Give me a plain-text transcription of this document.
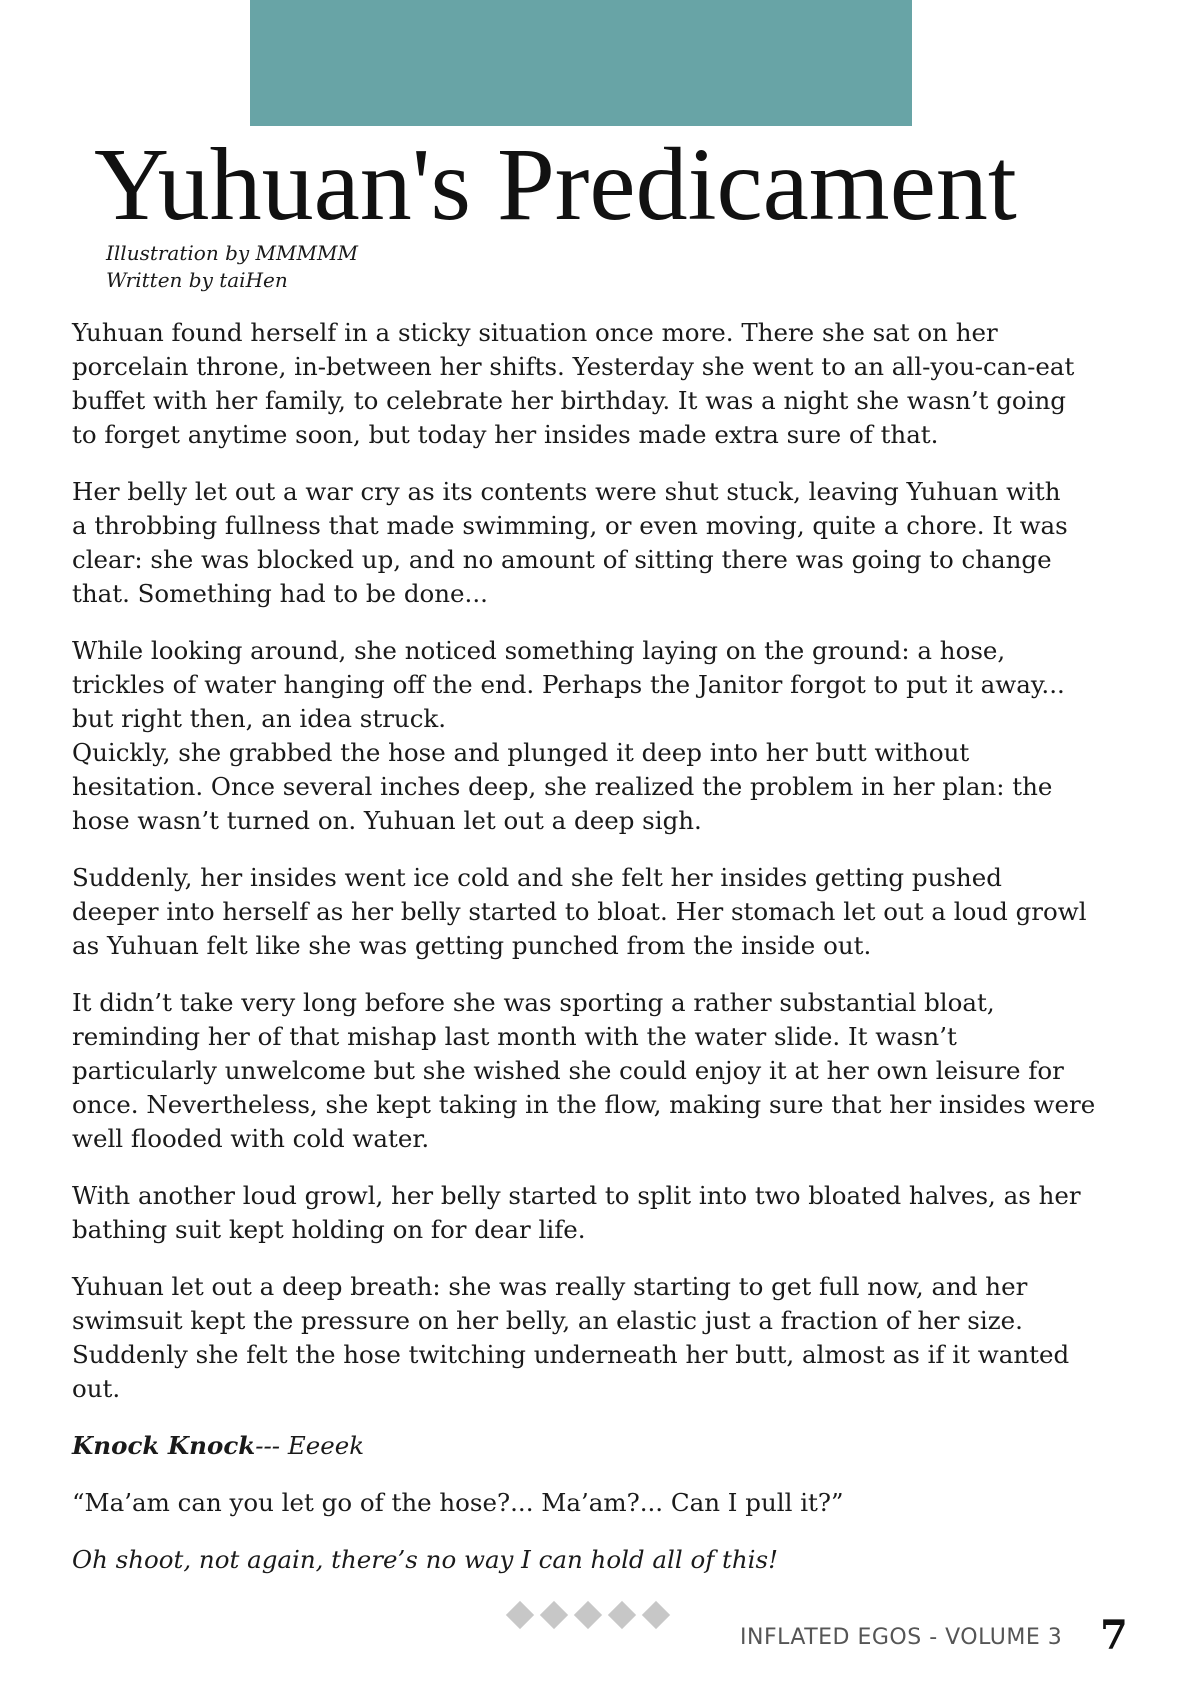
Yuhuan's Predicament
Illustration by MMMMM
Written by taiHen

Yuhuan found herself in a sticky situation once more. There she sat on her
porcelain throne, in-between her shifts. Yesterday she went to an all-you-can-eat
buffet with her family, to celebrate her birthday. It was a night she wasn’t going
to forget anytime soon, but today her insides made extra sure of that.

Her belly let out a war cry as its contents were shut stuck, leaving Yuhuan with
a throbbing fullness that made swimming, or even moving, quite a chore. It was
clear: she was blocked up, and no amount of sitting there was going to change
that. Something had to be done...

While looking around, she noticed something laying on the ground: a hose,
trickles of water hanging off the end. Perhaps the Janitor forgot to put it away...
but right then, an idea struck.

Quickly, she grabbed the hose and plunged it deep into her butt without
hesitation. Once several inches deep, she realized the problem in her plan: the
hose wasn’t turned on. Yuhuan let out a deep sigh.

Suddenly, her insides went ice cold and she felt her insides getting pushed
deeper into herself as her belly started to bloat. Her stomach let out a loud growl
as Yuhuan felt like she was getting punched from the inside out.

It didn’t take very long before she was sporting a rather substantial bloat,
reminding her of that mishap last month with the water slide. It wasn’t
particularly unwelcome but she wished she could enjoy it at her own leisure for
once. Nevertheless, she kept taking in the flow, making sure that her insides were
well flooded with cold water.

With another loud growl, her belly started to split into two bloated halves, as her
bathing suit kept holding on for dear life.

Yuhuan let out a deep breath: she was really starting to get full now, and her
swimsuit kept the pressure on her belly, an elastic just a fraction of her size.
Suddenly she felt the hose twitching underneath her butt, almost as if it wanted
out.

Knock Knock--- Eeeek

“Ma’am can you let go of the hose?... Ma’am?... Can I pull it?”

Oh shoot, not again, there’s no way I can hold all of this!

INFLATED EGOS - VOLUME 3 7
